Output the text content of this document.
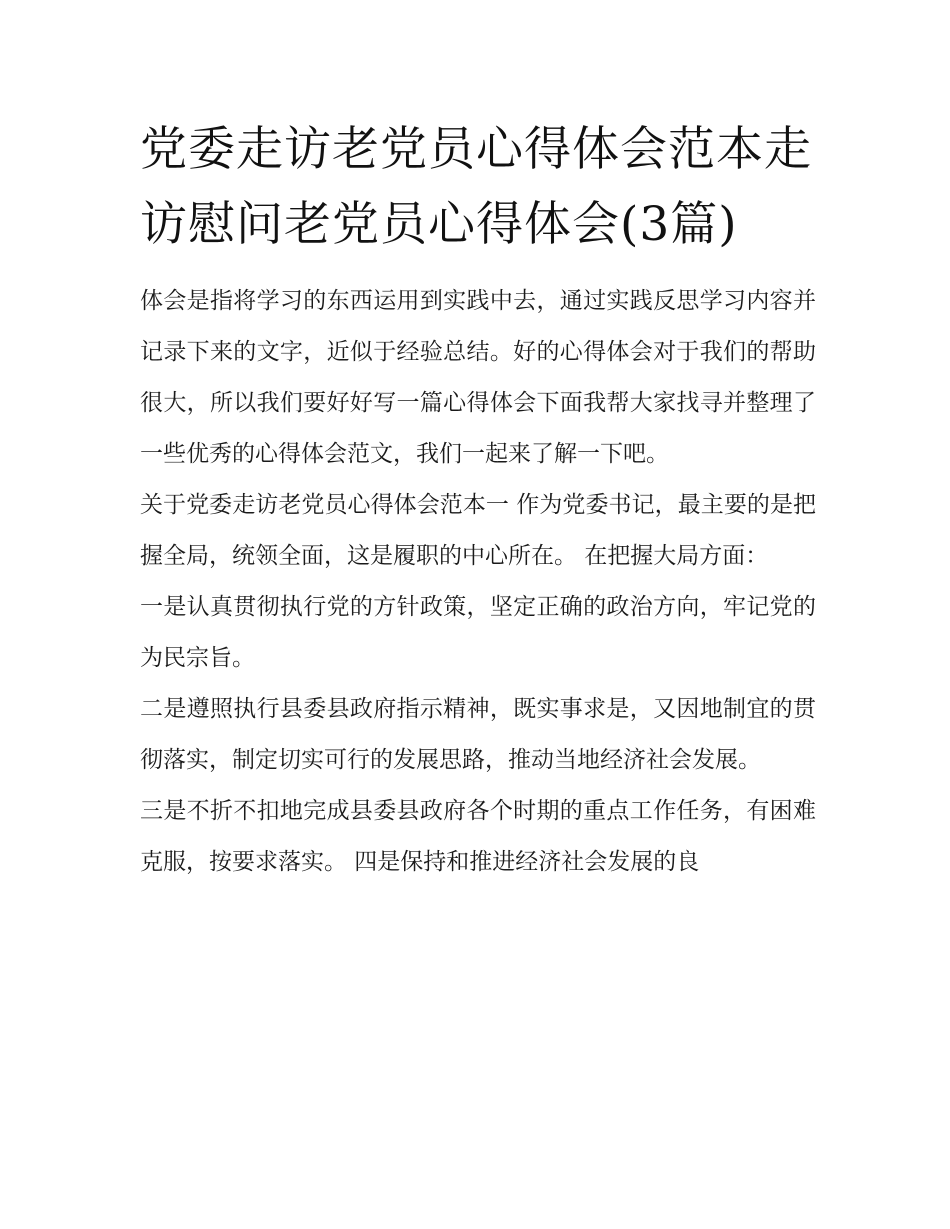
党委走访老党员心得体会范本走访慰问老党员心得体会(3篇)

体会是指将学习的东西运用到实践中去，通过实践反思学习内容并记录下来的文字，近似于经验总结。好的心得体会对于我们的帮助很大，所以我们要好好写一篇心得体会下面我帮大家找寻并整理了一些优秀的心得体会范文，我们一起来了解一下吧。

关于党委走访老党员心得体会范本一 作为党委书记，最主要的是把握全局，统领全面，这是履职的中心所在。 在把握大局方面：

一是认真贯彻执行党的方针政策，坚定正确的政治方向，牢记党的为民宗旨。

二是遵照执行县委县政府指示精神，既实事求是，又因地制宜的贯彻落实，制定切实可行的发展思路，推动当地经济社会发展。

三是不折不扣地完成县委县政府各个时期的重点工作任务，有困难克服，按要求落实。 四是保持和推进经济社会发展的良
